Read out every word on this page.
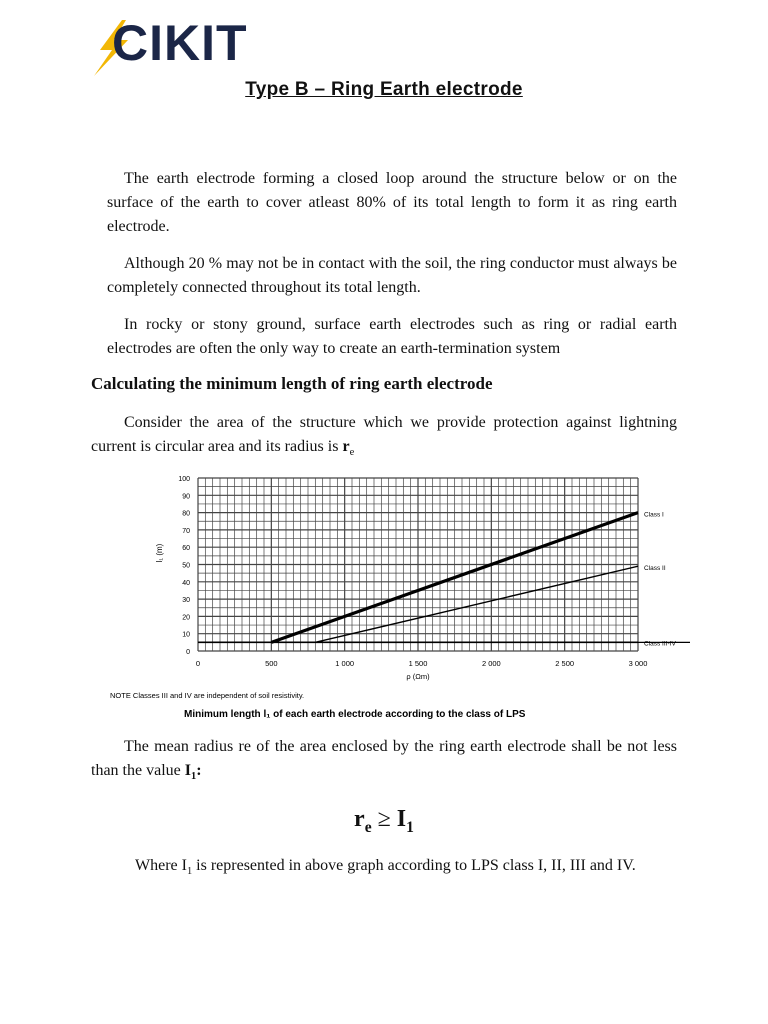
CIKIT
Type B – Ring Earth electrode

The earth electrode forming a closed loop around the structure below or on the surface of the earth to cover atleast 80% of its total length to form it as ring earth electrode.

Although 20 % may not be in contact with the soil, the ring conductor must always be completely connected throughout its total length.

In rocky or stony ground, surface earth electrodes such as ring or radial earth electrodes are often the only way to create an earth-termination system

Calculating the minimum length of ring earth electrode

Consider the area of the structure which we provide protection against lightning current is circular area and its radius is $r_e$

0
10
20
30
40
50
60
70
80
90
100
l₁ (m)
0	500	1 000	1 500	2 000	2 500	3 000
ρ (Ωm)
Class I
Class II
Class III-IV
NOTE Classes III and IV are independent of soil resistivity.
Minimum length l₁ of each earth electrode according to the class of LPS

The mean radius re of the area enclosed by the ring earth electrode shall be not less than the value $I_1$:

$r_e \ge I_1$

Where $I_1$ is represented in above graph according to LPS class I, II, III and IV.
